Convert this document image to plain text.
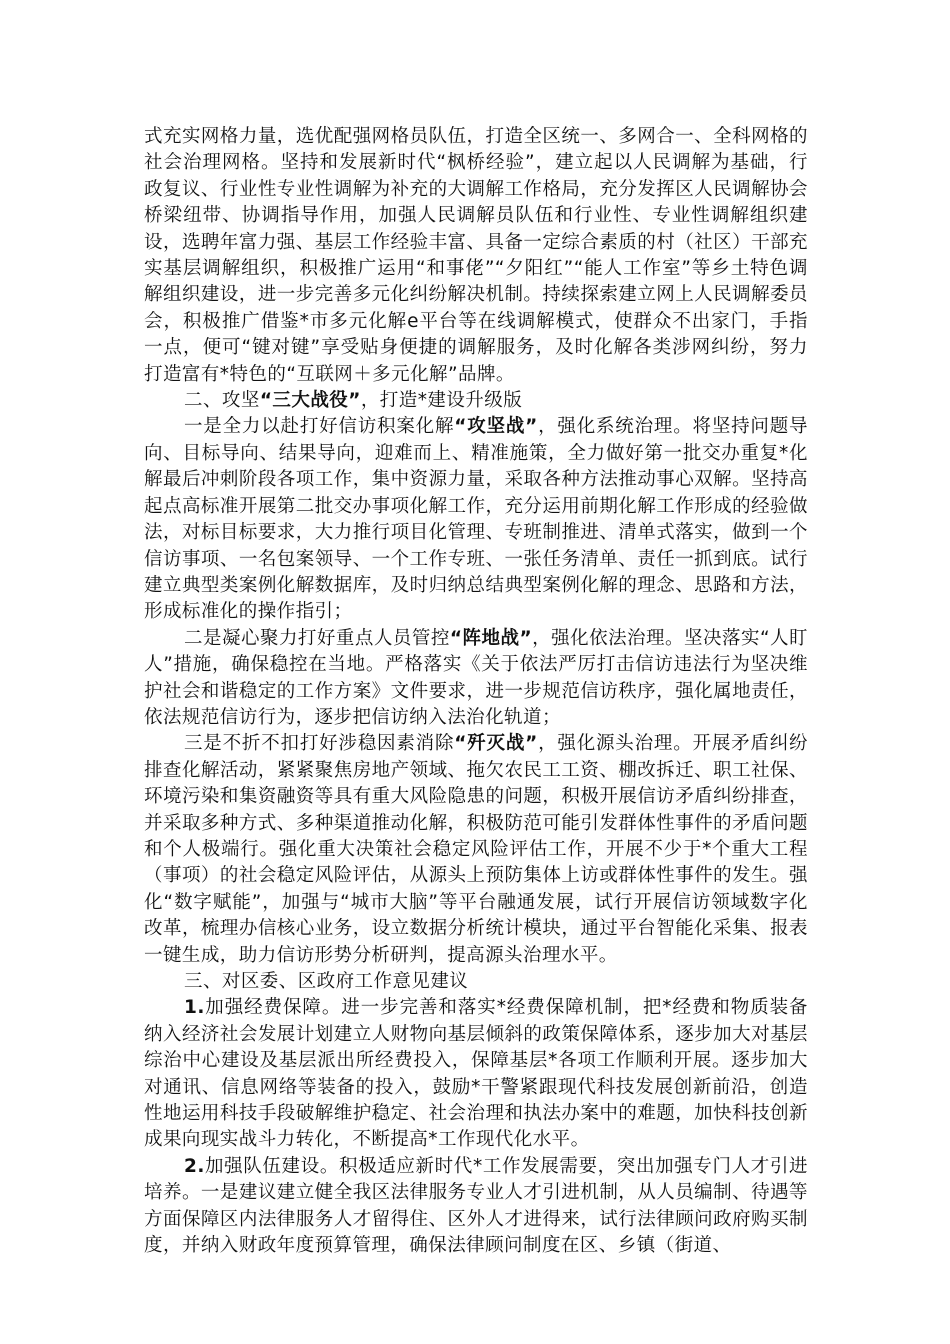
式充实网格力量，选优配强网格员队伍，打造全区统一、多网合一、全科网格的社会治理网格。坚持和发展新时代“枫桥经验”，建立起以人民调解为基础，行政复议、行业性专业性调解为补充的大调解工作格局，充分发挥区人民调解协会桥梁纽带、协调指导作用，加强人民调解员队伍和行业性、专业性调解组织建设，选聘年富力强、基层工作经验丰富、具备一定综合素质的村（社区）干部充实基层调解组织，积极推广运用“和事佬”“夕阳红”“能人工作室”等乡土特色调解组织建设，进一步完善多元化纠纷解决机制。持续探索建立网上人民调解委员会，积极推广借鉴*市多元化解e平台等在线调解模式，使群众不出家门，手指一点，便可“键对键”享受贴身便捷的调解服务，及时化解各类涉网纠纷，努力打造富有*特色的“互联网＋多元化解”品牌。

二、攻坚“三大战役”，打造*建设升级版

一是全力以赴打好信访积案化解“攻坚战”，强化系统治理。将坚持问题导向、目标导向、结果导向，迎难而上、精准施策，全力做好第一批交办重复*化解最后冲刺阶段各项工作，集中资源力量，采取各种方法推动事心双解。坚持高起点高标准开展第二批交办事项化解工作，充分运用前期化解工作形成的经验做法，对标目标要求，大力推行项目化管理、专班制推进、清单式落实，做到一个信访事项、一名包案领导、一个工作专班、一张任务清单、责任一抓到底。试行建立典型类案例化解数据库，及时归纳总结典型案例化解的理念、思路和方法，形成标准化的操作指引；

二是凝心聚力打好重点人员管控“阵地战”，强化依法治理。坚决落实“人盯人”措施，确保稳控在当地。严格落实《关于依法严厉打击信访违法行为坚决维护社会和谐稳定的工作方案》文件要求，进一步规范信访秩序，强化属地责任，依法规范信访行为，逐步把信访纳入法治化轨道；

三是不折不扣打好涉稳因素消除“歼灭战”，强化源头治理。开展矛盾纠纷排查化解活动，紧紧聚焦房地产领域、拖欠农民工工资、棚改拆迁、职工社保、环境污染和集资融资等具有重大风险隐患的问题，积极开展信访矛盾纠纷排查，并采取多种方式、多种渠道推动化解，积极防范可能引发群体性事件的矛盾问题和个人极端行。强化重大决策社会稳定风险评估工作，开展不少于*个重大工程（事项）的社会稳定风险评估，从源头上预防集体上访或群体性事件的发生。强化“数字赋能”，加强与“城市大脑”等平台融通发展，试行开展信访领域数字化改革，梳理办信核心业务，设立数据分析统计模块，通过平台智能化采集、报表一键生成，助力信访形势分析研判，提高源头治理水平。

三、对区委、区政府工作意见建议

1.加强经费保障。进一步完善和落实*经费保障机制，把*经费和物质装备纳入经济社会发展计划建立人财物向基层倾斜的政策保障体系，逐步加大对基层综治中心建设及基层派出所经费投入，保障基层*各项工作顺利开展。逐步加大对通讯、信息网络等装备的投入，鼓励*干警紧跟现代科技发展创新前沿，创造性地运用科技手段破解维护稳定、社会治理和执法办案中的难题，加快科技创新成果向现实战斗力转化，不断提高*工作现代化水平。

2.加强队伍建设。积极适应新时代*工作发展需要，突出加强专门人才引进培养。一是建议建立健全我区法律服务专业人才引进机制，从人员编制、待遇等方面保障区内法律服务人才留得住、区外人才进得来，试行法律顾问政府购买制度，并纳入财政年度预算管理，确保法律顾问制度在区、乡镇（街道、
